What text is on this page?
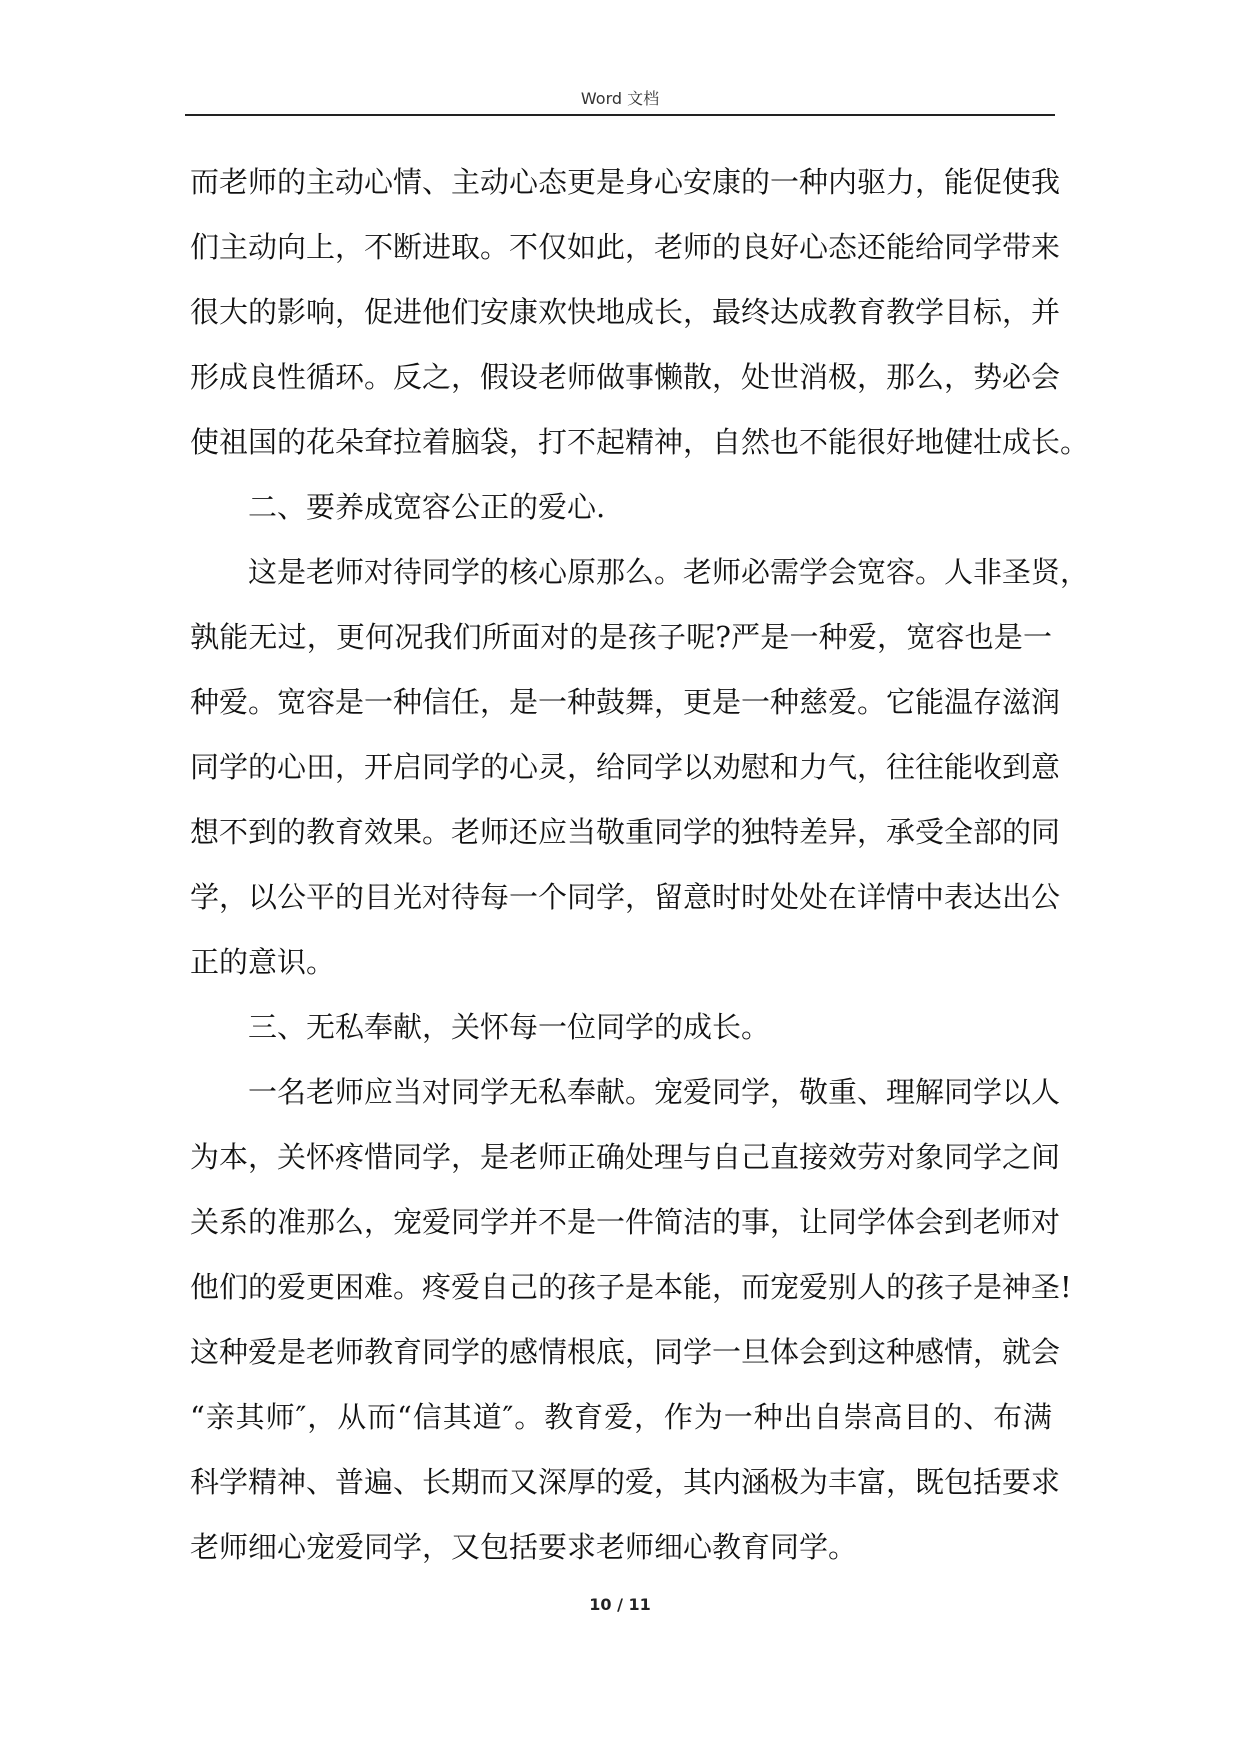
Word 文档
而老师的主动心情、主动心态更是身心安康的一种内驱力，能促使我
们主动向上，不断进取。不仅如此，老师的良好心态还能给同学带来
很大的影响，促进他们安康欢快地成长，最终达成教育教学目标，并
形成良性循环。反之，假设老师做事懒散，处世消极，那么，势必会
使祖国的花朵耷拉着脑袋，打不起精神，自然也不能很好地健壮成长。
二、要养成宽容公正的爱心.
这是老师对待同学的核心原那么。老师必需学会宽容。人非圣贤，
孰能无过，更何况我们所面对的是孩子呢?严是一种爱，宽容也是一
种爱。宽容是一种信任，是一种鼓舞，更是一种慈爱。它能温存滋润
同学的心田，开启同学的心灵，给同学以劝慰和力气，往往能收到意
想不到的教育效果。老师还应当敬重同学的独特差异，承受全部的同
学，以公平的目光对待每一个同学，留意时时处处在详情中表达出公
正的意识。
三、无私奉献，关怀每一位同学的成长。
一名老师应当对同学无私奉献。宠爱同学，敬重、理解同学以人
为本，关怀疼惜同学，是老师正确处理与自己直接效劳对象同学之间
关系的准那么，宠爱同学并不是一件简洁的事，让同学体会到老师对
他们的爱更困难。疼爱自己的孩子是本能，而宠爱别人的孩子是神圣!
这种爱是老师教育同学的感情根底，同学一旦体会到这种感情，就会
“亲其师″，从而“信其道″。教育爱，作为一种出自崇高目的、布满
科学精神、普遍、长期而又深厚的爱，其内涵极为丰富，既包括要求
老师细心宠爱同学，又包括要求老师细心教育同学。
10 / 11
